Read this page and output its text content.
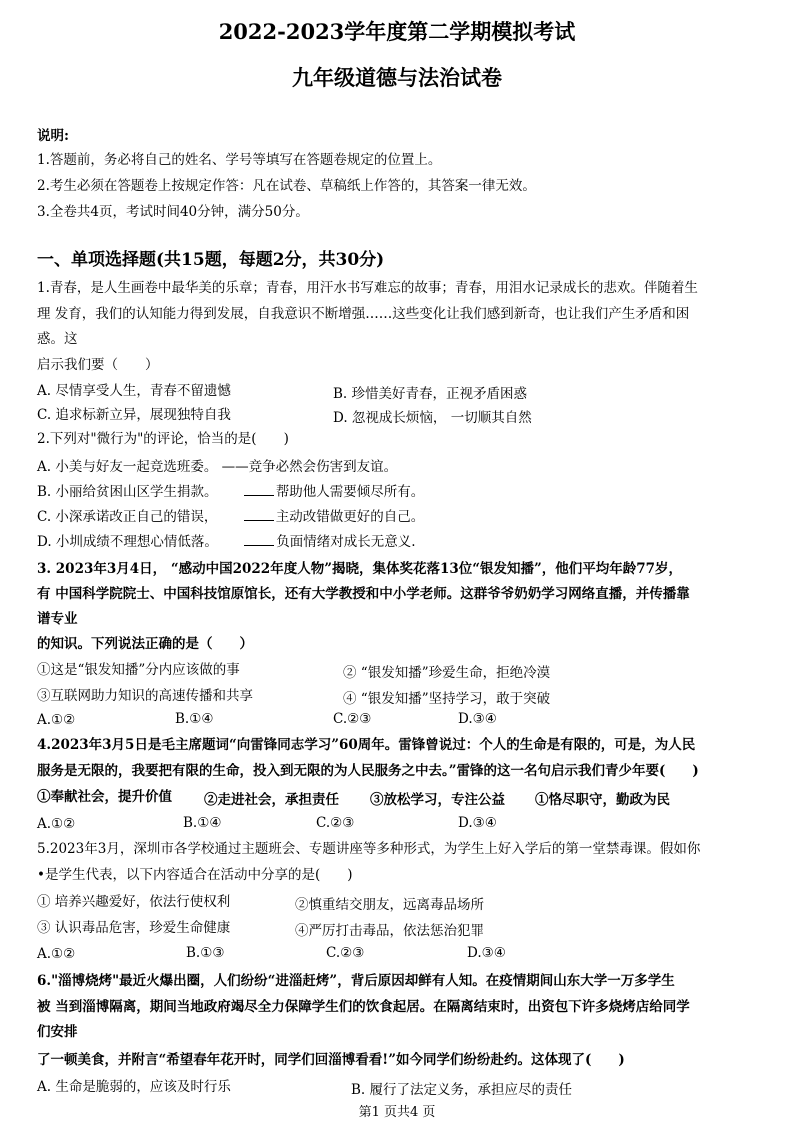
2022-2023学年度第二学期模拟考试
九年级道德与法治试卷
说明:
1.答题前，务必将自己的姓名、学号等填写在答题卷规定的位置上。
2.考生必须在答题卷上按规定作答：凡在试卷、草稿纸上作答的，其答案一律无效。
3.全卷共4页，考试时间40分钟，满分50分。
一、单项选择题(共15题，每题2分，共30分)
1.青春，是人生画卷中最华美的乐章；青春，用汗水书写难忘的故事；青春，用泪水记录成长的悲欢。伴随着生
理 发育，我们的认知能力得到发展，自我意识不断增强……这些变化让我们感到新奇，也让我们产生矛盾和困
惑。这
启示我们要（　　）
A. 尽情享受人生，青春不留遗憾	B. 珍惜美好青春，正视矛盾困惑
C. 追求标新立异，展现独特自我	D. 忽视成长烦恼， 一切顺其自然
2.下列对"微行为"的评论，恰当的是(　　)
A. 小美与好友一起竞选班委。 ——竞争必然会伤害到友谊。
B. 小丽给贫困山区学生捐款。	帮助他人需要倾尽所有。
C. 小深承诺改正自己的错误，	主动改错做更好的自己。
D. 小圳成绩不理想心情低落。	负面情绪对成长无意义.
3. 2023年3月4日， “感动中国2022年度人物”揭晓，集体奖花落13位“银发知播”，他们平均年龄77岁，
有 中国科学院院士、中国科技馆原馆长，还有大学教授和中小学老师。这群爷爷奶奶学习网络直播，并传播靠
谱专业
的知识。下列说法正确的是（　　）
①这是“银发知播”分内应该做的事	② “银发知播”珍爱生命，拒绝冷漠
③互联网助力知识的高速传播和共享	④ “银发知播”坚持学习，敢于突破
A.①②	B.①④	C.②③	D.③④
4.2023年3月5日是毛主席题词“向雷锋同志学习”60周年。雷锋曾说过：个人的生命是有限的，可是，为人民
服务是无限的，我要把有限的生命，投入到无限的为人民服务之中去。”雷锋的这一名句启示我们青少年要(　　)
①奉献社会，提升价值 ②走进社会，承担责任 ③放松学习，专注公益 ①恪尽职守，勤政为民
A.①②	B.①④	C.②③	D.③④
5.2023年3月，深圳市各学校通过主题班会、专题讲座等多种形式，为学生上好入学后的第一堂禁毒课。假如你
•是学生代表，以下内容适合在活动中分享的是(　　)
① 培养兴趣爱好，依法行使权利	②慎重结交朋友，远离毒品场所
③ 认识毒品危害，珍爱生命健康	④严厉打击毒品，依法惩治犯罪
A.①②	B.①③	C.②③	D.③④
6."淄博烧烤"最近火爆出圈，人们纷纷“进淄赶烤”，背后原因却鲜有人知。在疫情期间山东大学一万多学生
被 当到淄博隔离，期间当地政府竭尽全力保障学生们的饮食起居。在隔离结束时，出资包下许多烧烤店给同学
们安排
了一顿美食，并附言“希望春年花开时，同学们回淄博看看!”如今同学们纷纷赴约。这体现了(　　)
A. 生命是脆弱的，应该及时行乐	B. 履行了法定义务，承担应尽的责任
第1 页共4 页
